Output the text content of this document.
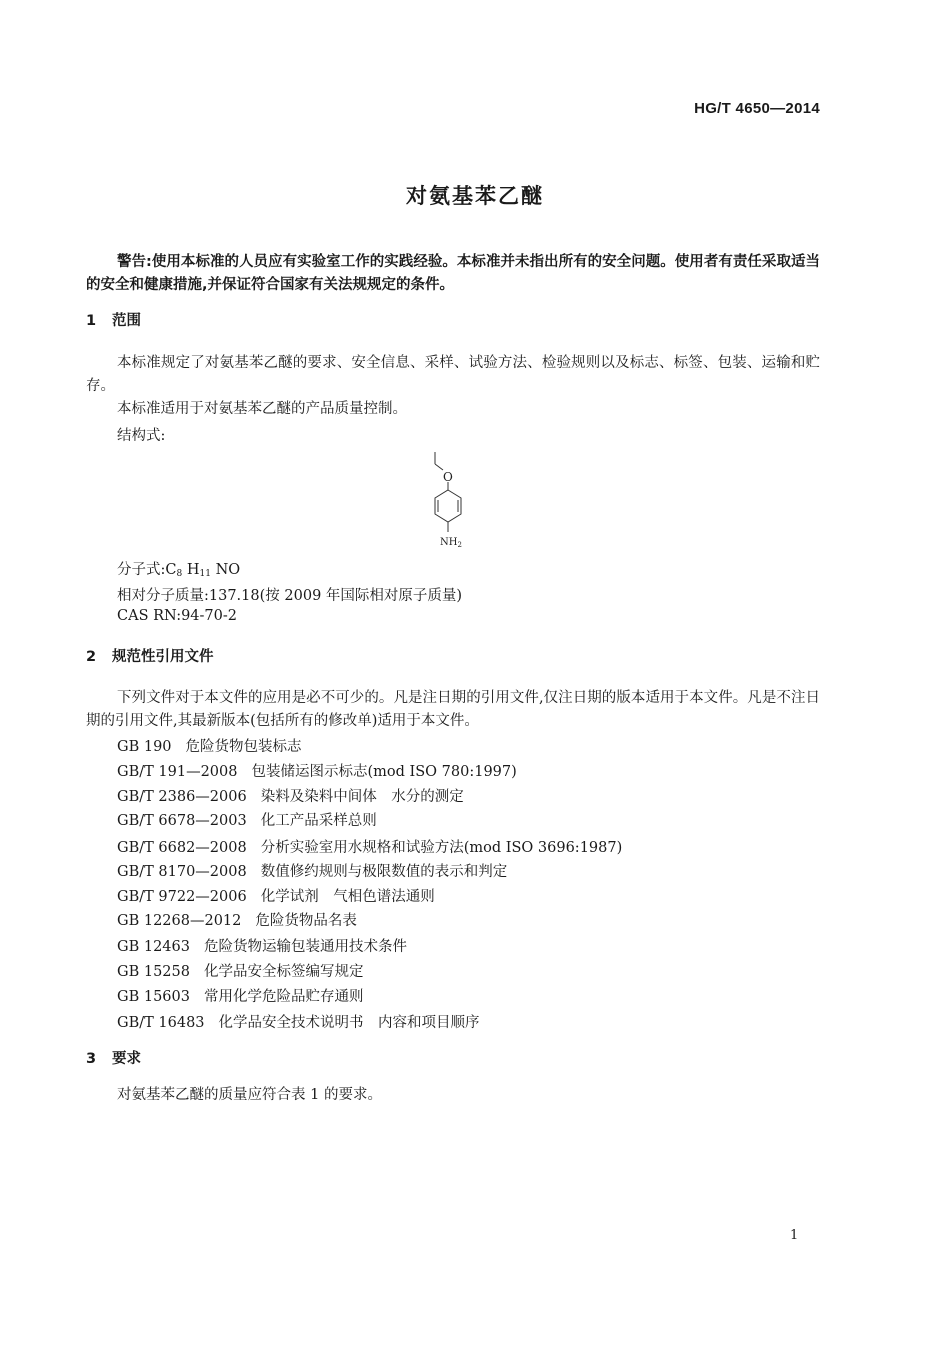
HG/T 4650—2014
对氨基苯乙醚
警告:使用本标准的人员应有实验室工作的实践经验。本标准并未指出所有的安全问题。使用者有责任采取适当的安全和健康措施,并保证符合国家有关法规规定的条件。
1 范围
本标准规定了对氨基苯乙醚的要求、安全信息、采样、试验方法、检验规则以及标志、标签、包装、运输和贮存。
本标准适用于对氨基苯乙醚的产品质量控制。
结构式:
O
$NH_2$
分子式$:C_8$ $H_{11}$ NO
相对分子质量:137.18(按 2009 年国际相对原子质量)
CAS RN:94-70-2
2 规范性引用文件
下列文件对于本文件的应用是必不可少的。凡是注日期的引用文件,仅注日期的版本适用于本文件。凡是不注日期的引用文件,其最新版本(包括所有的修改单)适用于本文件。
GB 190 危险货物包装标志
GB/T 191—2008 包装储运图示标志(mod ISO 780:1997)
GB/T 2386—2006 染料及染料中间体　水分的测定
GB/T 6678—2003 化工产品采样总则
GB/T 6682—2008 分析实验室用水规格和试验方法(mod ISO 3696:1987)
GB/T 8170—2008 数值修约规则与极限数值的表示和判定
GB/T 9722—2006 化学试剂　气相色谱法通则
GB 12268—2012 危险货物品名表
GB 12463 危险货物运输包装通用技术条件
GB 15258 化学品安全标签编写规定
GB 15603 常用化学危险品贮存通则
GB/T 16483 化学品安全技术说明书　内容和项目顺序
3 要求
对氨基苯乙醚的质量应符合表 1 的要求。
1
